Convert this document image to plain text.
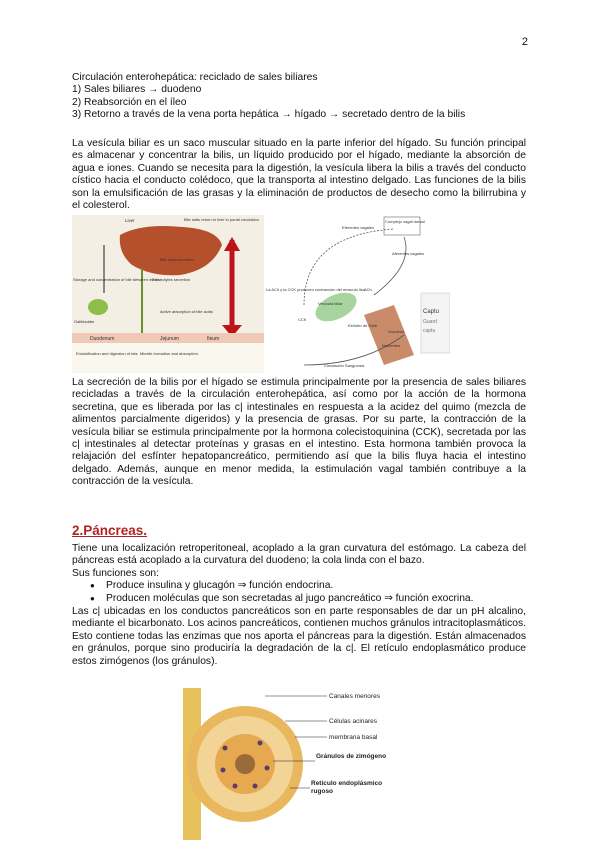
2
Circulación enterohepática: reciclado de sales biliares
1) Sales biliares → duodeno
2) Reabsorción en el íleo
3) Retorno a través de la vena porta hepática → hígado → secretado dentro de la bilis
La vesícula biliar es un saco muscular situado en la parte inferior del hígado. Su función principal es almacenar y concentrar la bilis, un líquido producido por el hígado, mediante la absorción de agua e iones. Cuando se necesita para la digestión, la vesícula libera la bilis a través del conducto cístico hacia el conducto colédoco, que la transporta al intestino delgado. Las funciones de la bilis son la emulsificación de las grasas y la eliminación de productos de desecho como la bilirrubina y el colesterol.
Liver	Bile salts return to liver in portal circulation
Bile acids secreted
Electrolytes secretion
Storage and concentration of bile between meals
Gallbladder
Active absorption of bile acids
Duodenum	Jejunum	Ileum
Emulsification and digestion of fats Micelle formation and absorption
Complejo vagal dorsal
Eferentes vagales
Aferentes vagales
La ACh y la CCK producen contracción del músculo liso
Vesícula biliar
ACh
CCK
Esfínter de Oddi
Duodeno
Nutrientes
Circulación Sanguínea
Captu
Guard
captu
La secreción de la bilis por el hígado se estimula principalmente por la presencia de sales biliares recicladas a través de la circulación enterohepática, así como por la acción de la hormona secretina, que es liberada por las c| intestinales en respuesta a la acidez del quimo (mezcla de alimentos parcialmente digeridos) y la presencia de grasas. Por su parte, la contracción de la vesícula biliar se estimula principalmente por la hormona colecistoquinina (CCK), secretada por las c| intestinales al detectar proteínas y grasas en el intestino. Esta hormona también provoca la relajación del esfínter hepatopancreático, permitiendo así que la bilis fluya hacia el intestino delgado. Además, aunque en menor medida, la estimulación vagal también contribuye a la contracción de la vesícula.
2.Páncreas.
Tiene una localización retroperitoneal, acoplado a la gran curvatura del estómago. La cabeza del páncreas está acoplado a la curvatura del duodeno; la cola linda con el bazo.
Sus funciones son:
● Produce insulina y glucagón ⇒ función endocrina.
● Producen moléculas que son secretadas al jugo pancreático ⇒ función exocrina.
Las c| ubicadas en los conductos pancreáticos son en parte responsables de dar un pH alcalino, mediante el bicarbonato. Los acinos pancreáticos, contienen muchos gránulos intracitoplasmáticos. Esto contiene todas las enzimas que nos aporta el páncreas para la digestión. Están almacenados en gránulos, porque sino produciría la degradación de la c|. El retículo endoplasmático produce estos zimógenos (los gránulos).
Canales menores
Células acinares
membrana basal
Gránulos de zimógeno
Retículo endoplásmico rugoso
